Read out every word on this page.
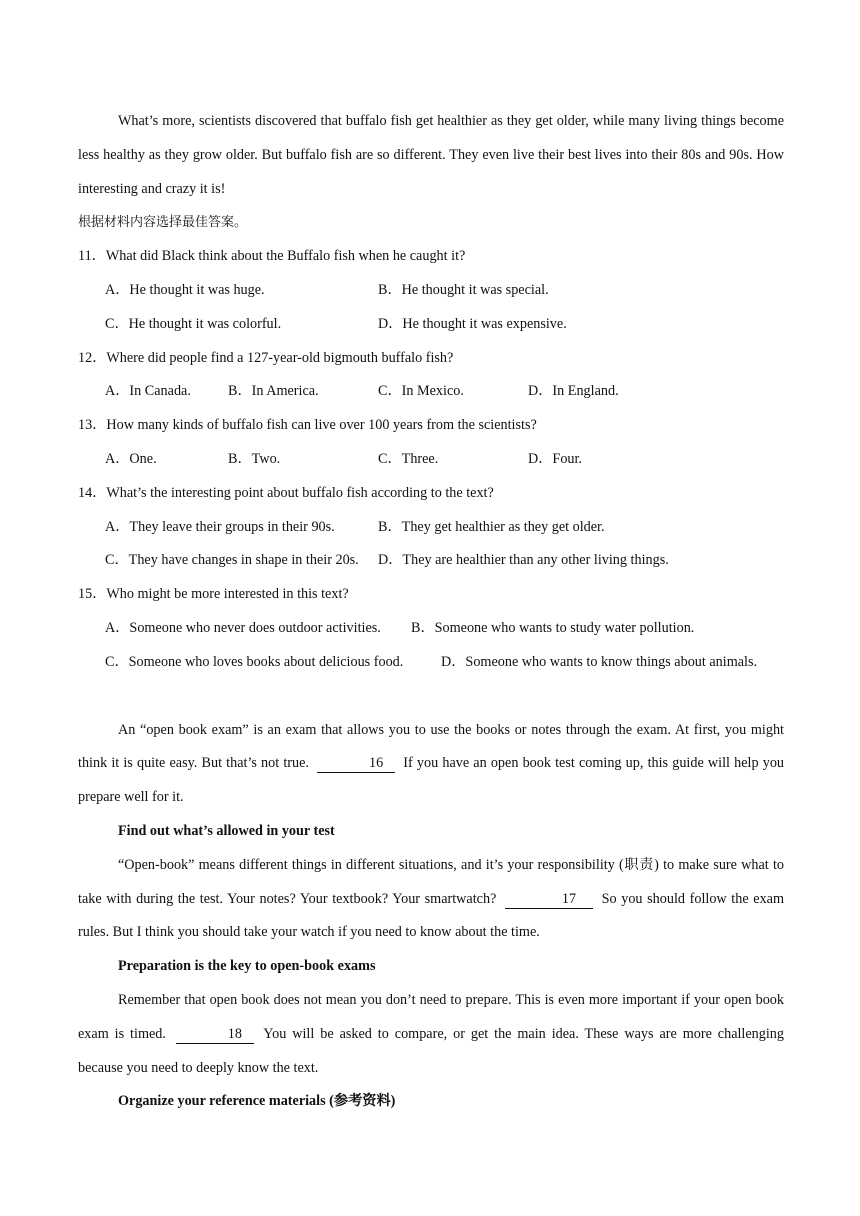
What’s more, scientists discovered that buffalo fish get healthier as they get older, while many living things become less healthy as they grow older. But buffalo fish are so different. They even live their best lives into their 80s and 90s. How interesting and crazy it is!

根据材料内容选择最佳答案。

11．What did Black think about the Buffalo fish when he caught it?

A．He thought it was huge.	B．He thought it was special.
C．He thought it was colorful.	D．He thought it was expensive.

12．Where did people find a 127-year-old bigmouth buffalo fish?

A．In Canada.	B．In America.	C．In Mexico.	D．In England.

13．How many kinds of buffalo fish can live over 100 years from the scientists?

A．One.	B．Two.	C．Three.	D．Four.

14．What’s the interesting point about buffalo fish according to the text?

A．They leave their groups in their 90s.	B．They get healthier as they get older.
C．They have changes in shape in their 20s. D．They are healthier than any other living things.

15．Who might be more interested in this text?

A．Someone who never does outdoor activities. B．Someone who wants to study water pollution.
C．Someone who loves books about delicious food.	D．Someone who wants to know things about animals.

An “open book exam” is an exam that allows you to use the books or notes through the exam. At first, you might think it is quite easy. But that’s not true.	16 If you have an open book test coming up, this guide will help you prepare well for it.

Find out what’s allowed in your test

“Open-book” means different things in different situations, and it’s your responsibility (职责) to make sure what to take with during the test. Your notes? Your textbook? Your smartwatch?	17 So you should follow the exam rules. But I think you should take your watch if you need to know about the time.

Preparation is the key to open-book exams

Remember that open book does not mean you don’t need to prepare. This is even more important if your open book exam is timed.	18 You will be asked to compare, or get the main idea. These ways are more challenging because you need to deeply know the text.

Organize your reference materials (参考资料)
